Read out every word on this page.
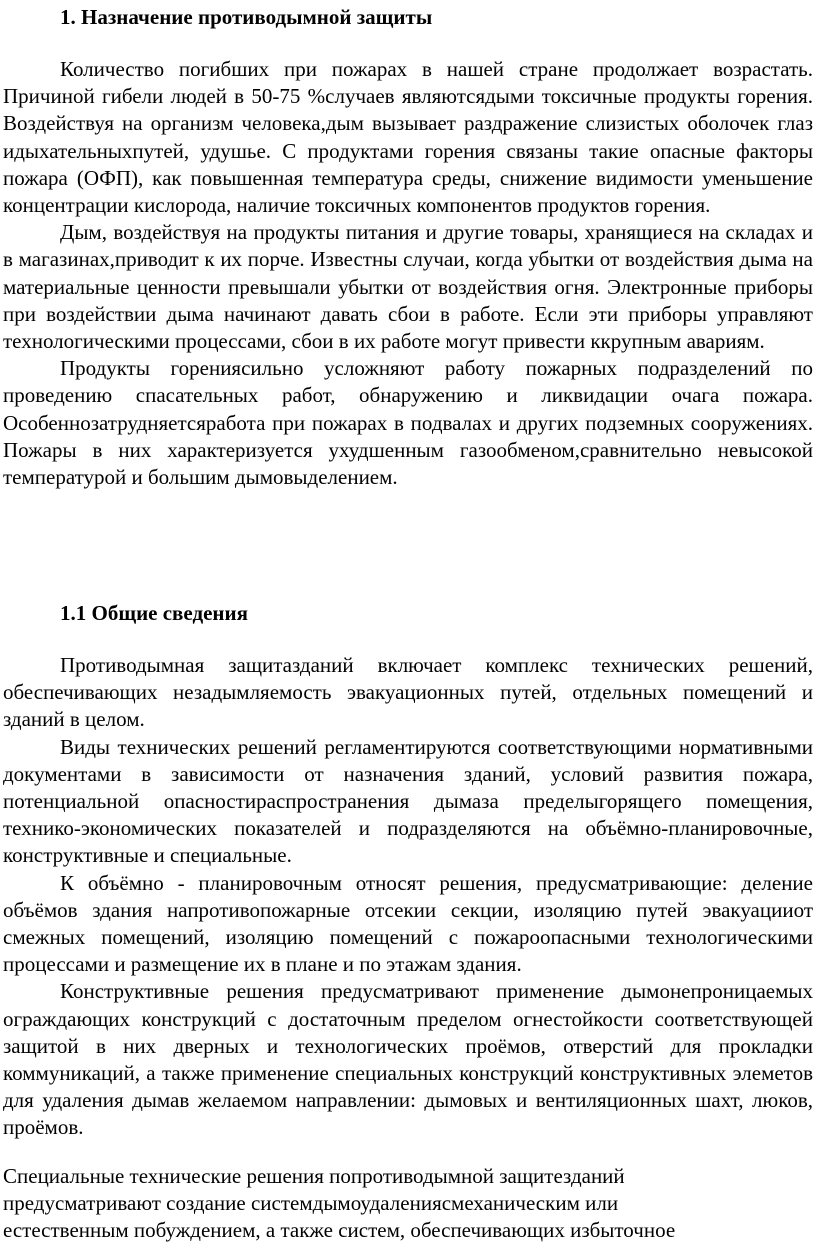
1. Назначение противодымной защиты

Количество погибших при пожарах в нашей стране продолжает возрастать. Причиной гибели людей в 50-75 %случаев являютсядыми токсичные продукты горения. Воздействуя на организм человека,дым вызывает раздражение слизистых оболочек глаз идыхательныхпутей, удушье. С продуктами горения связаны такие опасные факторы пожара (ОФП), как повышенная температура среды, снижение видимости уменьшение концентрации кислорода, наличие токсичных компонентов продуктов горения.

Дым, воздействуя на продукты питания и другие товары, хранящиеся на складах и в магазинах,приводит к их порче. Известны случаи, когда убытки от воздействия дыма на материальные ценности превышали убытки от воздействия огня. Электронные приборы при воздействии дыма начинают давать сбои в работе. Если эти приборы управляют технологическими процессами, сбои в их работе могут привести ккрупным авариям.

Продукты горениясильно усложняют работу пожарных подразделений по проведению спасательных работ, обнаружению и ликвидации очага пожара. Особеннозатрудняетсяработа при пожарах в подвалах и других подземных сооружениях. Пожары в них характеризуется ухудшенным газообменом,сравнительно невысокой температурой и большим дымовыделением.

1.1 Общие сведения

Противодымная защитазданий включает комплекс технических решений, обеспечивающих незадымляемость эвакуационных путей, отдельных помещений и зданий в целом.

Виды технических решений регламентируются соответствующими нормативными документами в зависимости от назначения зданий, условий развития пожара, потенциальной опасностираспространения дымаза пределыгорящего помещения, технико-экономических показателей и подразделяются на объёмно-планировочные, конструктивные и специальные.

К объёмно - планировочным относят решения, предусматривающие: деление объёмов здания напротивопожарные отсекии секции, изоляцию путей эвакуацииот смежных помещений, изоляцию помещений с пожароопасными технологическими процессами и размещение их в плане и по этажам здания.

Конструктивные решения предусматривают применение дымонепроницаемых ограждающих конструкций с достаточным пределом огнестойкости соответствующей защитой в них дверных и технологических проёмов, отверстий для прокладки коммуникаций, а также применение специальных конструкций конструктивных элеметов для удаления дымав желаемом направлении: дымовых и вентиляционных шахт, люков, проёмов.

Специальные технические решения попротиводымной защитезданий
предусматривают создание системдымоудалениясмеханическим или
естественным побуждением, а также систем, обеспечивающих избыточное
